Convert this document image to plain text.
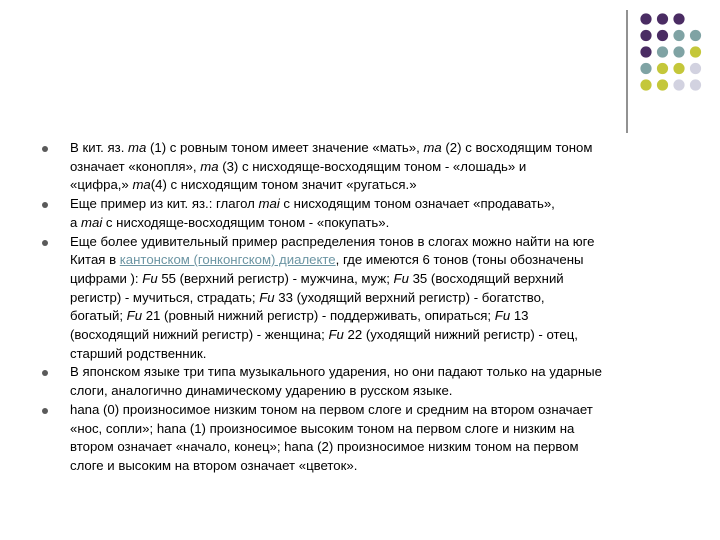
В кит. яз. ma (1) с ровным тоном имеет значение «мать», ma (2) с восходящим тоном
означает «конопля», ma (3) с нисходяще-восходящим тоном - «лошадь» и
«цифра,» ma(4) с нисходящим тоном значит «ругаться.»
Еще пример из кит. яз.: глагол mai с нисходящим тоном означает «продавать»,
а mai с нисходяще-восходящим тоном - «покупать».
Еще более удивительный пример распределения тонов в слогах можно найти на юге
Китая в кантонском (гонконгском) диалекте, где имеются 6 тонов (тоны обозначены
цифрами ): Fu 55 (верхний регистр) - мужчина, муж; Fu 35 (восходящий верхний
регистр) - мучиться, страдать; Fu 33 (уходящий верхний регистр) - богатство,
богатый; Fu 21 (ровный нижний регистр) - поддерживать, опираться; Fu 13
(восходящий нижний регистр) - женщина; Fu 22 (уходящий нижний регистр) - отец,
старший родственник.
В японском языке три типа музыкального ударения, но они падают только на ударные
слоги, аналогично динамическому ударению в русском языке.
hana (0) произносимое низким тоном на первом слоге и средним на втором означает
«нос, сопли»; hana (1) произносимое высоким тоном на первом слоге и низким на
втором означает «начало, конец»; hana (2) произносимое низким тоном на первом
слоге и высоким на втором означает «цветок».
